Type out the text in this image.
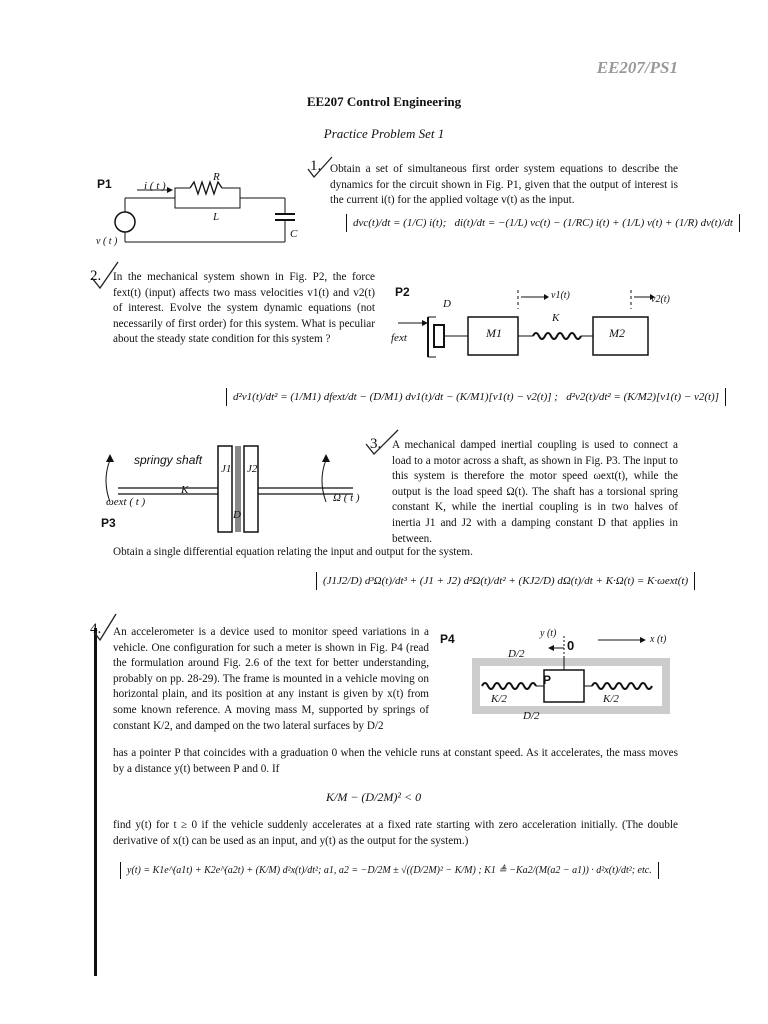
EE207/PS1
EE207 Control Engineering
Practice Problem Set 1
1. Obtain a set of simultaneous first order system equations to describe the dynamics for the circuit shown in Fig. P1, given that the output of interest is the current i(t) for the applied voltage v(t) as the input.
P1	i ( t )
R
L
C
v ( t )
dvc(t)/dt = (1/C) i(t); di(t)/dt = −(1/L) vc(t) − (1/RC) i(t) + (1/L) v(t) + (1/R) dv(t)/dt
2. In the mechanical system shown in Fig. P2, the force fext(t) (input) affects two mass velocities v1(t) and v2(t) of interest. Evolve the system dynamic equations (not necessarily of first order) for this system. What is peculiar about the steady state condition for this system ?
P2
D
K
M1	M2
fext
v1(t)	v2(t)
d²v1(t)/dt² = (1/M1) dfext/dt − (D/M1) dv1(t)/dt − (K/M1)[v1(t) − v2(t)] ; d²v2(t)/dt² = (K/M2)[v1(t) − v2(t)]
3. A mechanical damped inertial coupling is used to connect a load to a motor across a shaft, as shown in Fig. P3. The input to this system is therefore the motor speed ωext(t), while the output is the load speed Ω(t). The shaft has a torsional spring constant K, while the inertial coupling is in two halves of inertia J1 and J2 with a damping constant D that applies in between.
Obtain a single differential equation relating the input and output for the system.
springy shaft
J1 J2
K
D
ωext ( t )	Ω ( t )
P3
(J1J2/D) d³Ω(t)/dt³ + (J1 + J2) d²Ω(t)/dt² + (KJ2/D) dΩ(t)/dt + K·Ω(t) = K·ωext(t)
4. An accelerometer is a device used to monitor speed variations in a vehicle. One configuration for such a meter is shown in Fig. P4 (read the formulation around Fig. 2.6 of the text for better understanding, probably on pp. 28-29). The frame is mounted in a vehicle moving on horizontal plain, and its position at any instant is given by x(t) from some known reference. A moving mass M, supported by springs of constant K/2, and damped on the two lateral surfaces by D/2
has a pointer P that coincides with a graduation 0 when the vehicle runs at constant speed. As it accelerates, the mass moves by a distance y(t) between P and 0. If
K/M − (D/2M)² < 0
find y(t) for t ≥ 0 if the vehicle suddenly accelerates at a fixed rate starting with zero acceleration initially. (The double derivative of x(t) can be used as an input, and y(t) as the output for the system.)
P4	y (t)
0	x (t)
D/2
P
K/2	K/2
D/2
y(t) = K1e^(a1t) + K2e^(a2t) + (K/M) d²x(t)/dt²; a1, a2 = −D/2M ± √((D/2M)² − K/M) ; K1 ≜ −Ka2/(M(a2 − a1)) · d²x(t)/dt²; etc.
